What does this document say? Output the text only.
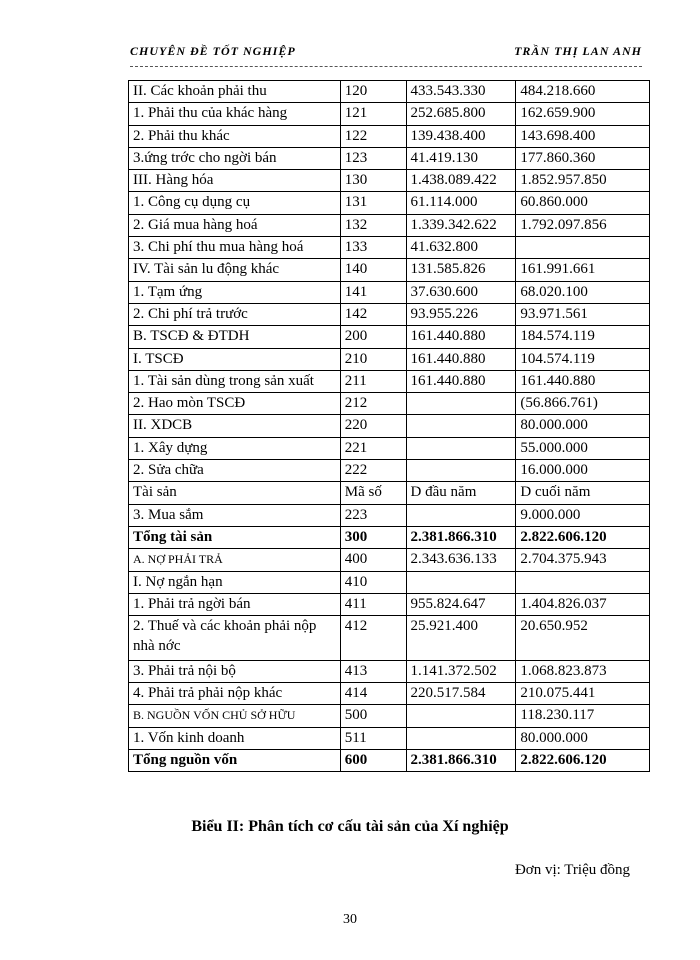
CHUYÊN ĐỀ TỐT NGHIỆP	TRẦN THỊ LAN ANH
II. Các khoản phải thu	120	433.543.330	484.218.660
1. Phải thu của khác hàng	121	252.685.800	162.659.900
2. Phải thu khác	122	139.438.400	143.698.400
3.ứng trớc cho ngời bán	123	41.419.130	177.860.360
III. Hàng hóa	130	1.438.089.422	1.852.957.850
1. Công cụ dụng cụ	131	61.114.000	60.860.000
2. Giá mua hàng hoá	132	1.339.342.622	1.792.097.856
3. Chi phí thu mua hàng hoá	133	41.632.800	
IV. Tài sản lu động khác	140	131.585.826	161.991.661
1. Tạm ứng	141	37.630.600	68.020.100
2. Chi phí trả trước	142	93.955.226	93.971.561
B. TSCĐ & ĐTDH	200	161.440.880	184.574.119
I. TSCĐ	210	161.440.880	104.574.119
1. Tài sản dùng trong sản xuất	211	161.440.880	161.440.880
2. Hao mòn TSCĐ	212		(56.866.761)
II. XDCB	220		80.000.000
1. Xây dựng	221		55.000.000
2. Sửa chữa	222		16.000.000
Tài sản	Mã số	D đầu năm	D cuối năm
3. Mua sắm	223		9.000.000
Tổng tài sản	300	2.381.866.310	2.822.606.120
A. NỢ PHẢI TRẢ	400	2.343.636.133	2.704.375.943
I. Nợ ngắn hạn	410		
1. Phải trả ngời bán	411	955.824.647	1.404.826.037
2. Thuế và các khoản phải nộp nhà nớc	412	25.921.400	20.650.952
3. Phải trả nội bộ	413	1.141.372.502	1.068.823.873
4. Phải trả phải nộp khác	414	220.517.584	210.075.441
B. NGUỒN VỐN CHỦ SỞ HỮU	500		118.230.117
1. Vốn kinh doanh	511		80.000.000
Tổng nguồn vốn	600	2.381.866.310	2.822.606.120
Biểu II: Phân tích cơ cấu tài sản của Xí nghiệp
Đơn vị: Triệu đồng
30
